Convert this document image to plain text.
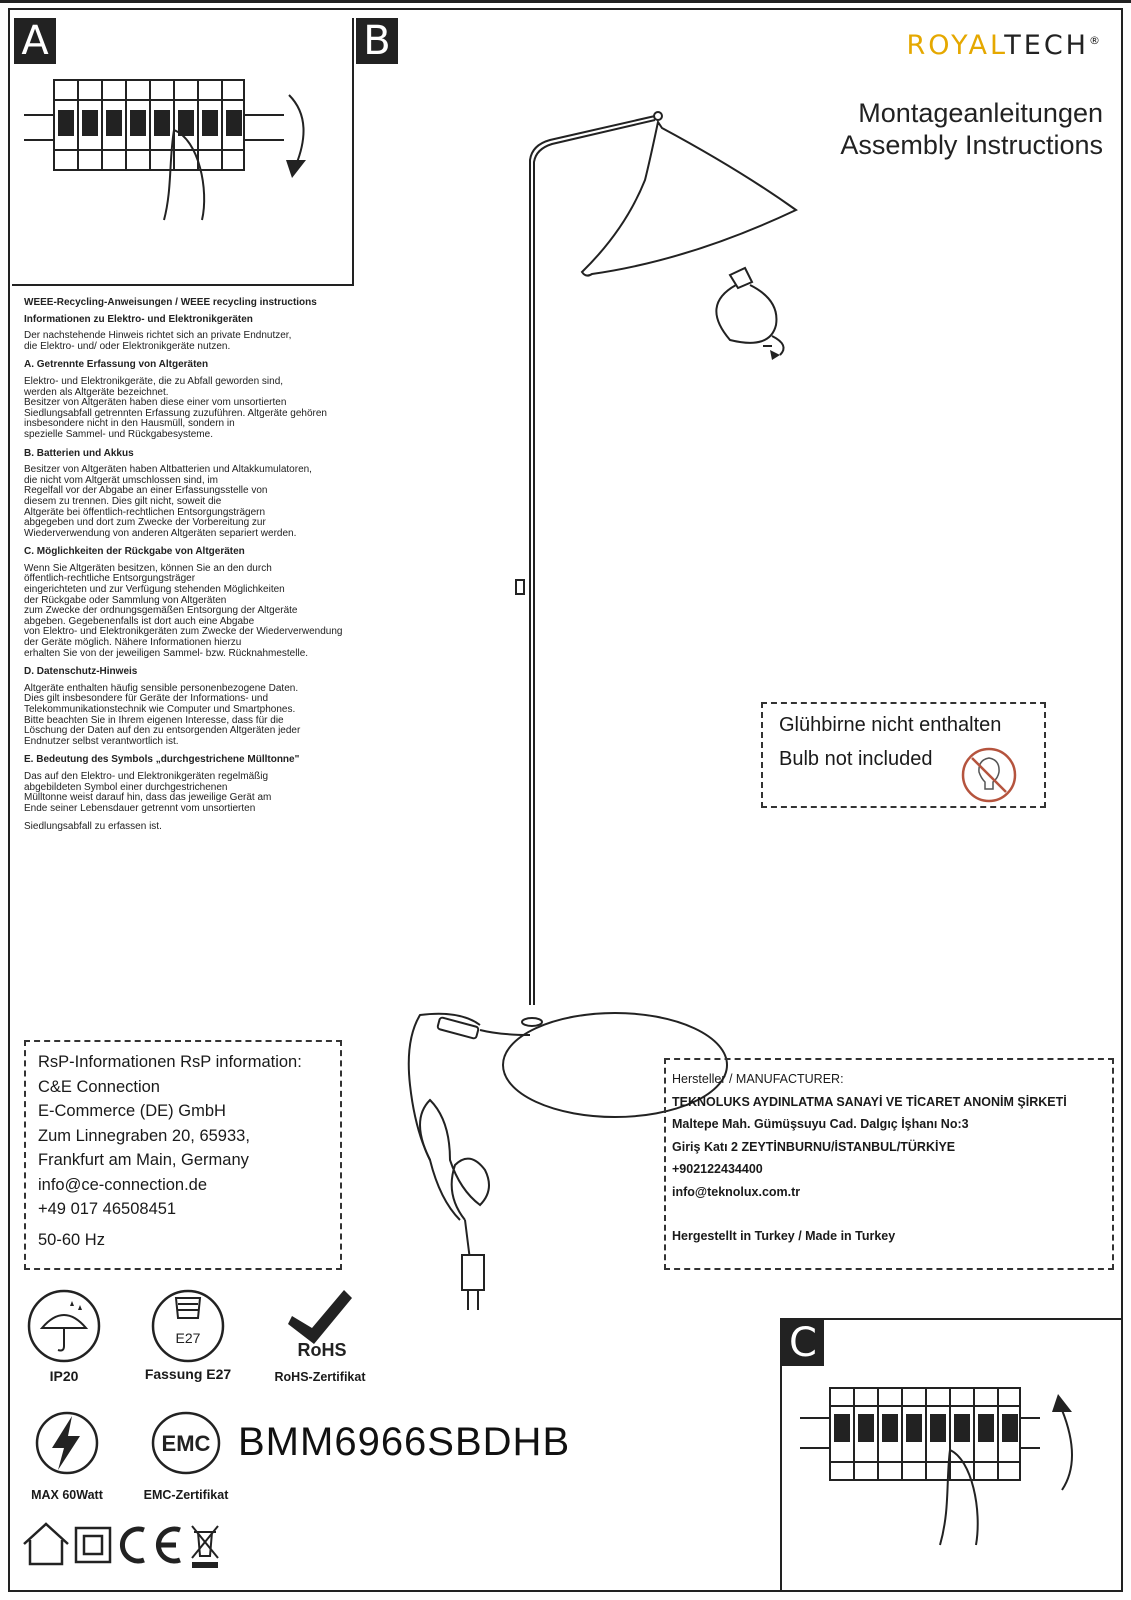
A	B	ROYALTECH®
Montageanleitungen
Assembly Instructions
WEEE-Recycling-Anweisungen / WEEE recycling instructions
Informationen zu Elektro- und Elektronikgeräten

Der nachstehende Hinweis richtet sich an private Endnutzer,
die Elektro- und/ oder Elektronikgeräte nutzen.

A. Getrennte Erfassung von Altgeräten

Elektro- und Elektronikgeräte, die zu Abfall geworden sind,
werden als Altgeräte bezeichnet.
Besitzer von Altgeräten haben diese einer vom unsortierten
Siedlungsabfall getrennten Erfassung zuzuführen. Altgeräte gehören
insbesondere nicht in den Hausmüll, sondern in
spezielle Sammel- und Rückgabesysteme.

B. Batterien und Akkus

Besitzer von Altgeräten haben Altbatterien und Altakkumulatoren,
die nicht vom Altgerät umschlossen sind, im
Regelfall vor der Abgabe an einer Erfassungsstelle von
diesem zu trennen. Dies gilt nicht, soweit die
Altgeräte bei öffentlich-rechtlichen Entsorgungsträgern
abgegeben und dort zum Zwecke der Vorbereitung zur
Wiederverwendung von anderen Altgeräten separiert werden.

C. Möglichkeiten der Rückgabe von Altgeräten

Wenn Sie Altgeräten besitzen, können Sie an den durch
öffentlich-rechtliche Entsorgungsträger
eingerichteten und zur Verfügung stehenden Möglichkeiten
der Rückgabe oder Sammlung von Altgeräten
zum Zwecke der ordnungsgemäßen Entsorgung der Altgeräte
abgeben. Gegebenenfalls ist dort auch eine Abgabe
von Elektro- und Elektronikgeräten zum Zwecke der Wiederverwendung
der Geräte möglich. Nähere Informationen hierzu
erhalten Sie von der jeweiligen Sammel- bzw. Rücknahmestelle.

D. Datenschutz-Hinweis

Altgeräte enthalten häufig sensible personenbezogene Daten.
Dies gilt insbesondere für Geräte der Informations- und
Telekommunikationstechnik wie Computer und Smartphones.
Bitte beachten Sie in Ihrem eigenen Interesse, dass für die
Löschung der Daten auf den zu entsorgenden Altgeräten jeder
Endnutzer selbst verantwortlich ist.

E. Bedeutung des Symbols „durchgestrichene Mülltonne"

Das auf den Elektro- und Elektronikgeräten regelmäßig
abgebildeten Symbol einer durchgestrichenen
Mülltonne weist darauf hin, dass das jeweilige Gerät am
Ende seiner Lebensdauer getrennt vom unsortierten

Siedlungsabfall zu erfassen ist.

Glühbirne nicht enthalten
Bulb not included
RsP-Informationen RsP information:
C&E Connection
E-Commerce (DE) GmbH
Zum Linnegraben 20, 65933,
Frankfurt am Main, Germany
info@ce-connection.de
+49 017 46508451
50-60 Hz
Hersteller / MANUFACTURER:
TEKNOLUKS AYDINLATMA SANAYİ VE TİCARET ANONİM ŞİRKETİ
Maltepe Mah. Gümüşsuyu Cad. Dalgıç İşhanı No:3
Giriş Katı 2 ZEYTİNBURNU/İSTANBUL/TÜRKİYE
+902122434400
info@teknolux.com.tr
Hergestellt in Turkey / Made in Turkey
IP20
E27
Fassung E27
RoHS
RoHS-Zertifikat
MAX 60Watt
EMC
EMC-Zertifikat
BMM6966SBDHB
C
